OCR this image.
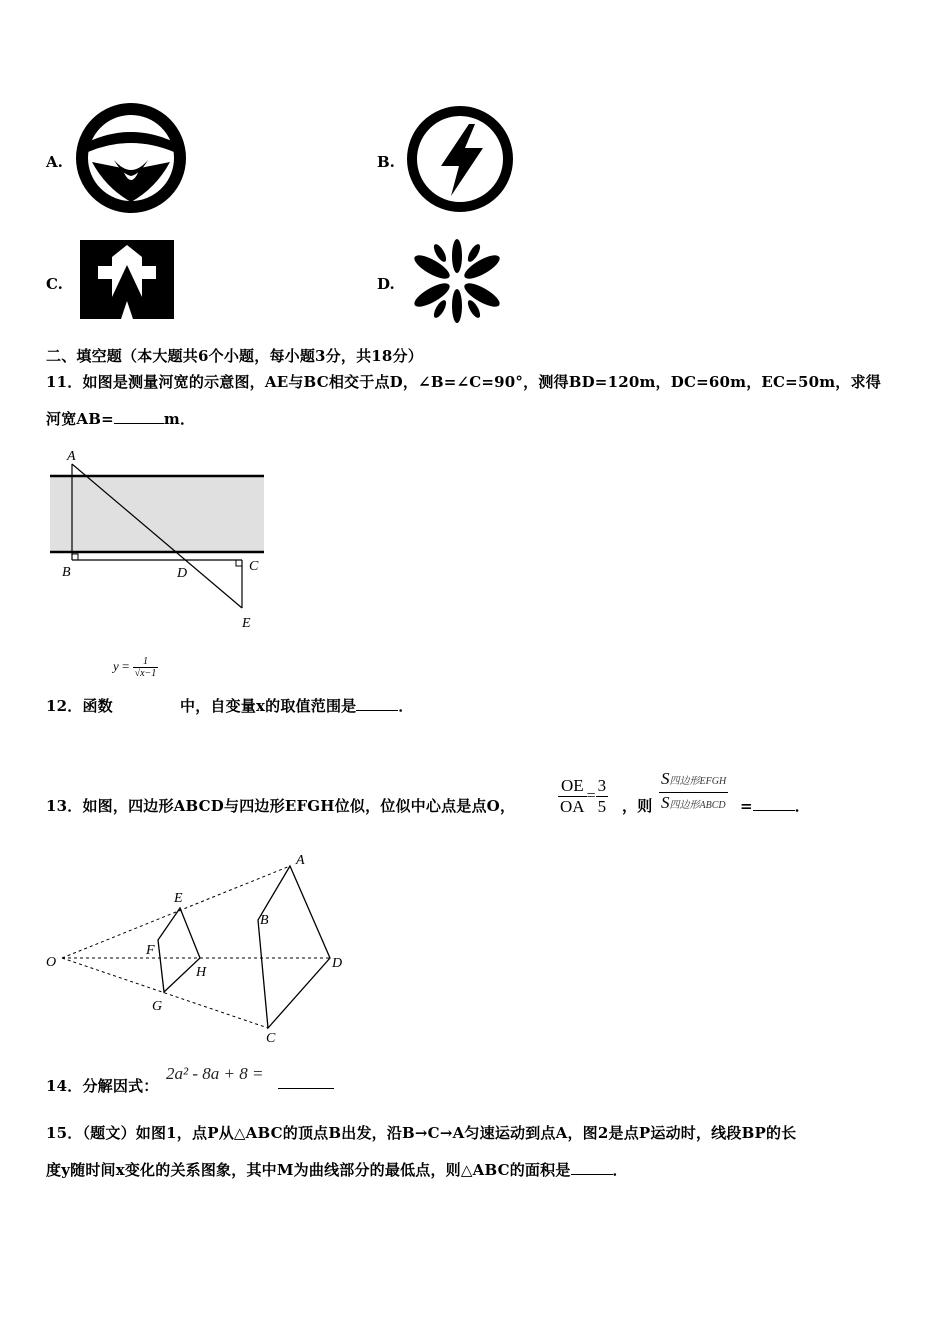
A.	B.
C.	D.
二、填空题（本大题共6个小题，每小题3分，共18分）
11．如图是测量河宽的示意图，AE与BC相交于点D，∠B=∠C=90°，测得BD=120m，DC=60m，EC=50m，求得
河宽AB=	m．
A
B	D	C
E
$y = \frac{1}{√x-1}$
12．函数	中，自变量x的取值范围是	．
13．如图，四边形ABCD与四边形EFGH位似，位似中心点是点O，	$\frac{OE}{OA} = \frac{3}{5}$ ，则 $\frac{\text{S四边形EFGH}}{\text{S四边形ABCD}}$ =	．
O
A
B
C
D
E
F
G
H
14．分解因式：
2a² - 8a + 8 =
15．（题文）如图1，点P从△ABC的顶点B出发，沿B→C→A匀速运动到点A，图2是点P运动时，线段BP的长
度y随时间x变化的关系图象，其中M为曲线部分的最低点，则△ABC的面积是	．
